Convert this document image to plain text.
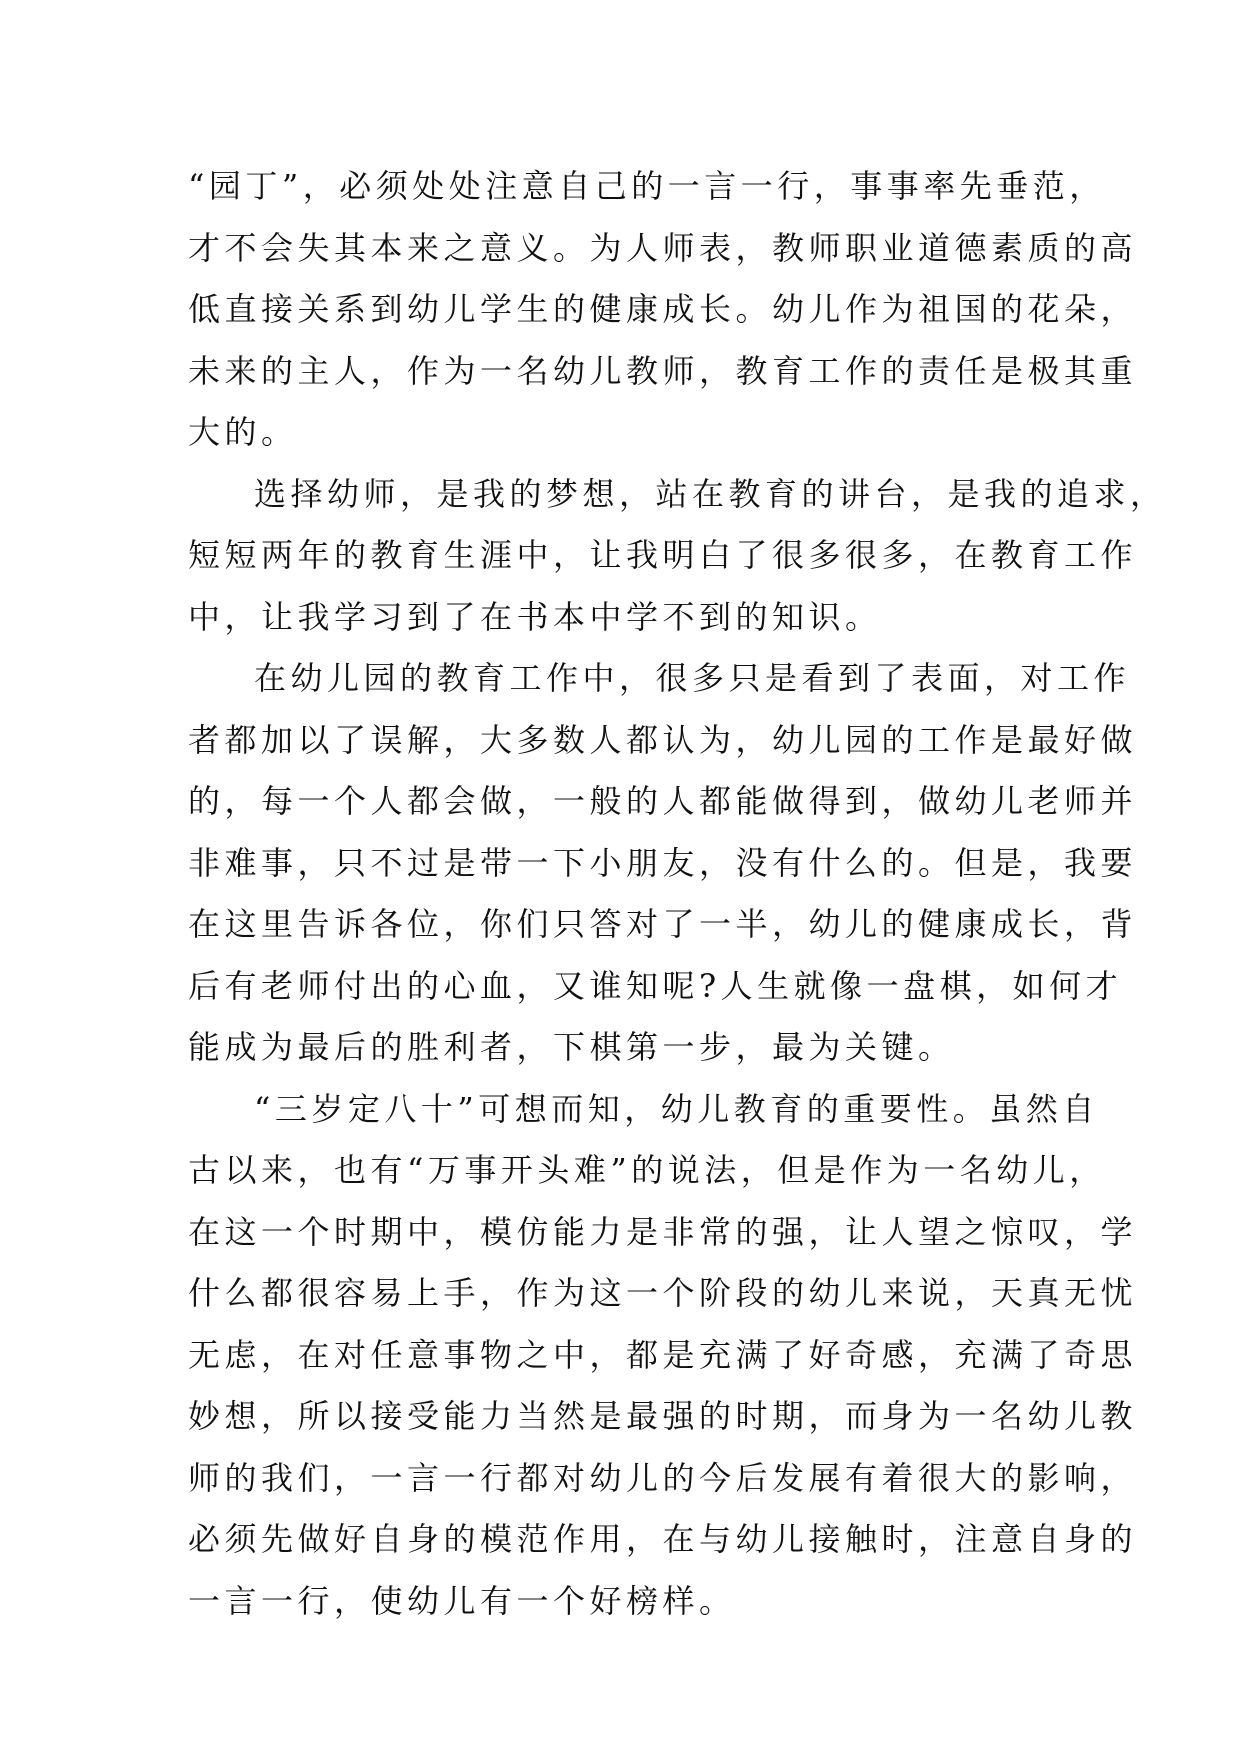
“园丁”，必须处处注意自己的一言一行，事事率先垂范，
才不会失其本来之意义。为人师表，教师职业道德素质的高
低直接关系到幼儿学生的健康成长。幼儿作为祖国的花朵，
未来的主人，作为一名幼儿教师，教育工作的责任是极其重
大的。
选择幼师，是我的梦想，站在教育的讲台，是我的追求，
短短两年的教育生涯中，让我明白了很多很多，在教育工作
中，让我学习到了在书本中学不到的知识。
在幼儿园的教育工作中，很多只是看到了表面，对工作
者都加以了误解，大多数人都认为，幼儿园的工作是最好做
的，每一个人都会做，一般的人都能做得到，做幼儿老师并
非难事，只不过是带一下小朋友，没有什么的。但是，我要
在这里告诉各位，你们只答对了一半，幼儿的健康成长，背
后有老师付出的心血，又谁知呢?人生就像一盘棋，如何才
能成为最后的胜利者，下棋第一步，最为关键。
“三岁定八十”可想而知，幼儿教育的重要性。虽然自
古以来，也有“万事开头难”的说法，但是作为一名幼儿，
在这一个时期中，模仿能力是非常的强，让人望之惊叹，学
什么都很容易上手，作为这一个阶段的幼儿来说，天真无忧
无虑，在对任意事物之中，都是充满了好奇感，充满了奇思
妙想，所以接受能力当然是最强的时期，而身为一名幼儿教
师的我们，一言一行都对幼儿的今后发展有着很大的影响，
必须先做好自身的模范作用，在与幼儿接触时，注意自身的
一言一行，使幼儿有一个好榜样。
